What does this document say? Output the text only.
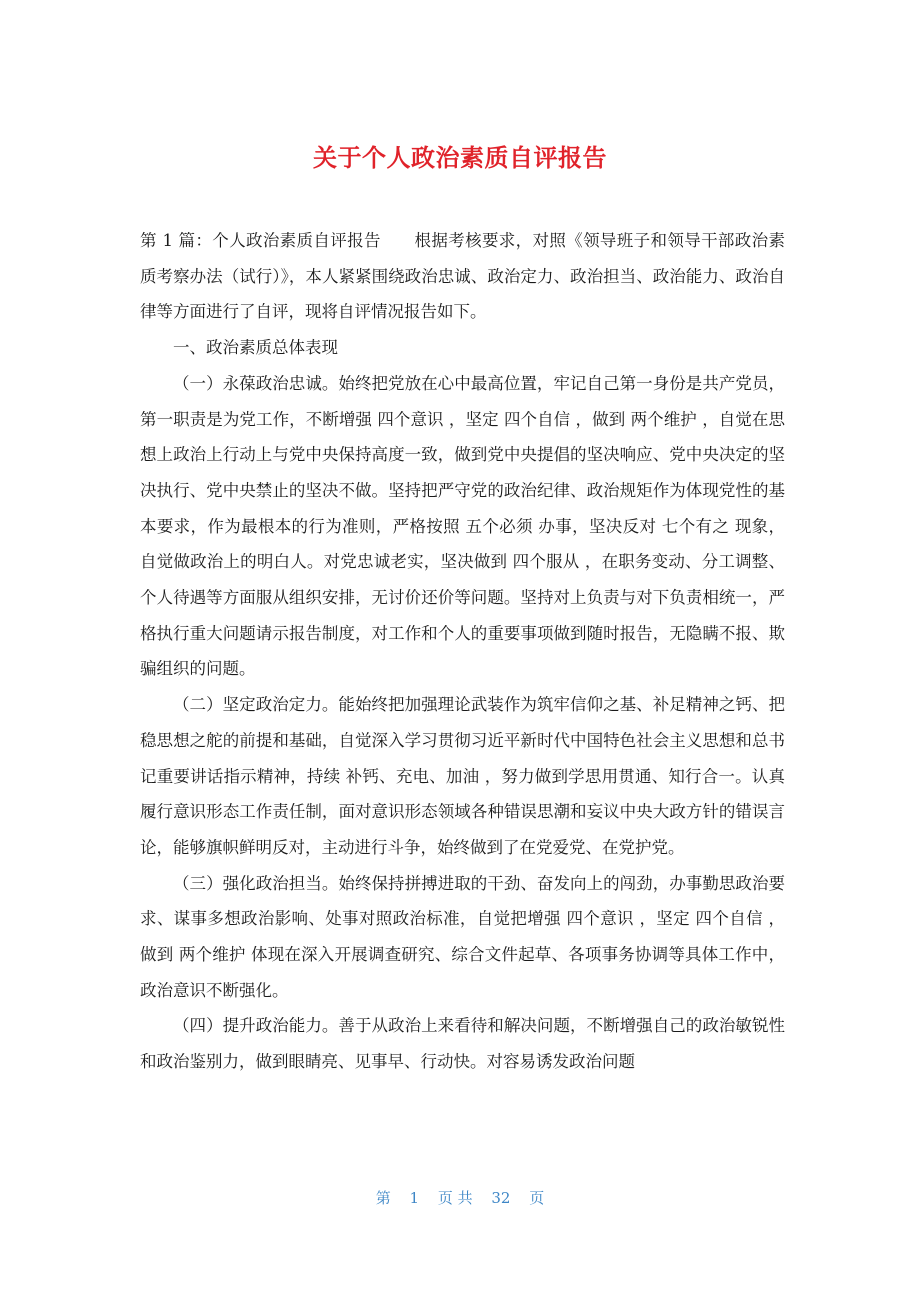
关于个人政治素质自评报告

第 1 篇：个人政治素质自评报告　　根据考核要求，对照《领导班子和领导干部政治素质考察办法（试行）》，本人紧紧围绕政治忠诚、政治定力、政治担当、政治能力、政治自律等方面进行了自评，现将自评情况报告如下。

一、政治素质总体表现

（一）永葆政治忠诚。始终把党放在心中最高位置，牢记自己第一身份是共产党员，第一职责是为党工作，不断增强 四个意识 ，坚定 四个自信 ，做到 两个维护 ，自觉在思想上政治上行动上与党中央保持高度一致，做到党中央提倡的坚决响应、党中央决定的坚决执行、党中央禁止的坚决不做。坚持把严守党的政治纪律、政治规矩作为体现党性的基本要求，作为最根本的行为准则，严格按照 五个必须 办事，坚决反对 七个有之 现象，自觉做政治上的明白人。对党忠诚老实，坚决做到 四个服从 ，在职务变动、分工调整、个人待遇等方面服从组织安排，无讨价还价等问题。坚持对上负责与对下负责相统一，严格执行重大问题请示报告制度，对工作和个人的重要事项做到随时报告，无隐瞒不报、欺骗组织的问题。

（二）坚定政治定力。能始终把加强理论武装作为筑牢信仰之基、补足精神之钙、把稳思想之舵的前提和基础，自觉深入学习贯彻习近平新时代中国特色社会主义思想和总书记重要讲话指示精神，持续 补钙、充电、加油 ，努力做到学思用贯通、知行合一。认真履行意识形态工作责任制，面对意识形态领域各种错误思潮和妄议中央大政方针的错误言论，能够旗帜鲜明反对，主动进行斗争，始终做到了在党爱党、在党护党。

（三）强化政治担当。始终保持拼搏进取的干劲、奋发向上的闯劲，办事勤思政治要求、谋事多想政治影响、处事对照政治标准，自觉把增强 四个意识 ，坚定 四个自信 ，做到 两个维护 体现在深入开展调查研究、综合文件起草、各项事务协调等具体工作中，政治意识不断强化。

（四）提升政治能力。善于从政治上来看待和解决问题，不断增强自己的政治敏锐性和政治鉴别力，做到眼睛亮、见事早、行动快。对容易诱发政治问题

第 1 页 共 32 页
